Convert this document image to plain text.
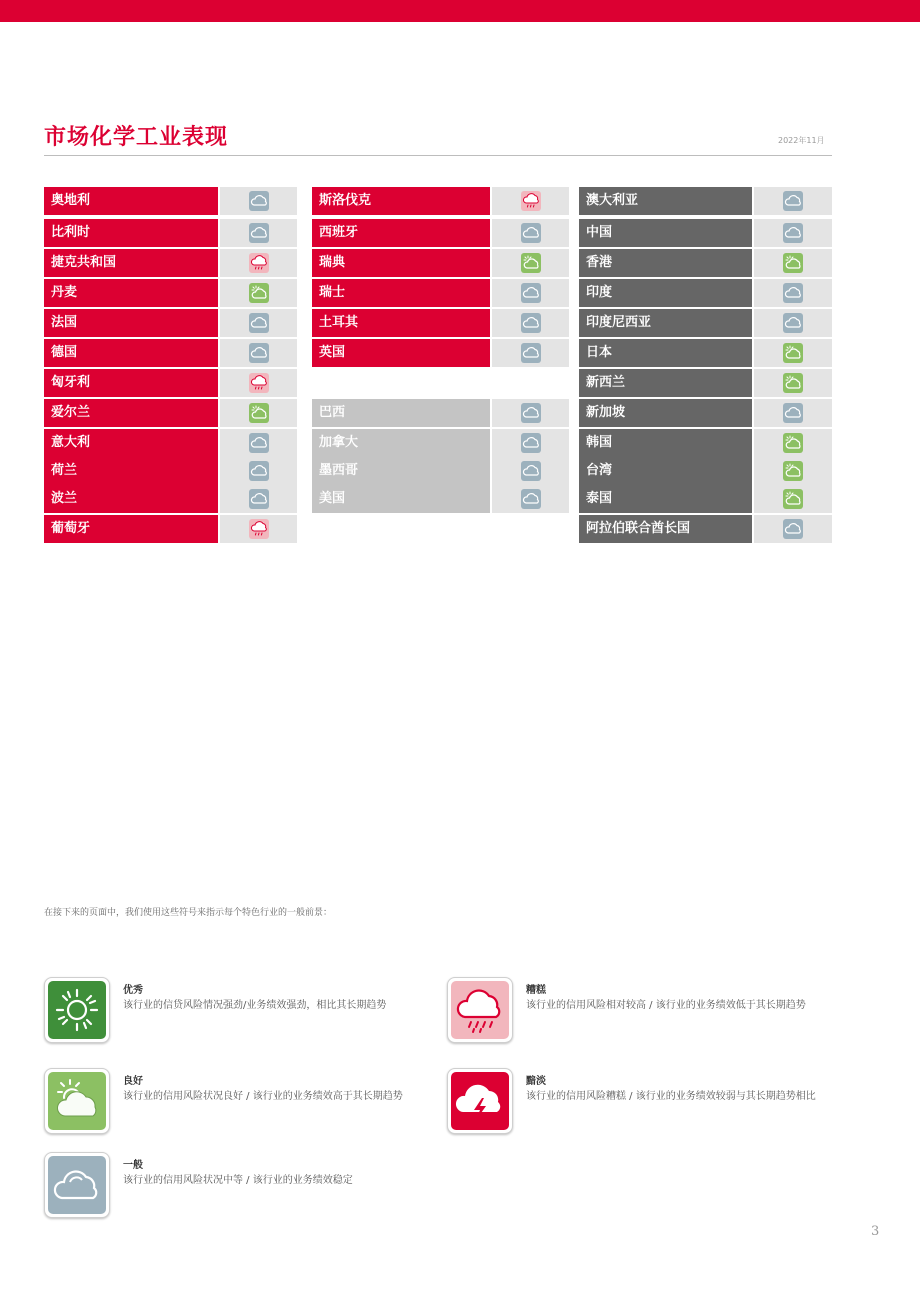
市场化学工业表现	2022年11月
奥地利
比利时
捷克共和国
丹麦
法国
德国
匈牙利
爱尔兰
意大利
荷兰
波兰
葡萄牙
斯洛伐克
西班牙
瑞典
瑞士
土耳其
英国
巴西
加拿大
墨西哥
美国
澳大利亚
中国
香港
印度
印度尼西亚
日本
新西兰
新加坡
韩国
台湾
泰国
阿拉伯联合酋长国
在接下来的页面中，我们使用这些符号来指示每个特色行业的一般前景：
优秀
该行业的信贷风险情况强劲/业务绩效强劲，相比其长期趋势
良好
该行业的信用风险状况良好 / 该行业的业务绩效高于其长期趋势
一般
该行业的信用风险状况中等 / 该行业的业务绩效稳定
糟糕
该行业的信用风险相对较高 / 该行业的业务绩效低于其长期趋势
黯淡
该行业的信用风险糟糕 / 该行业的业务绩效较弱与其长期趋势相比
3
